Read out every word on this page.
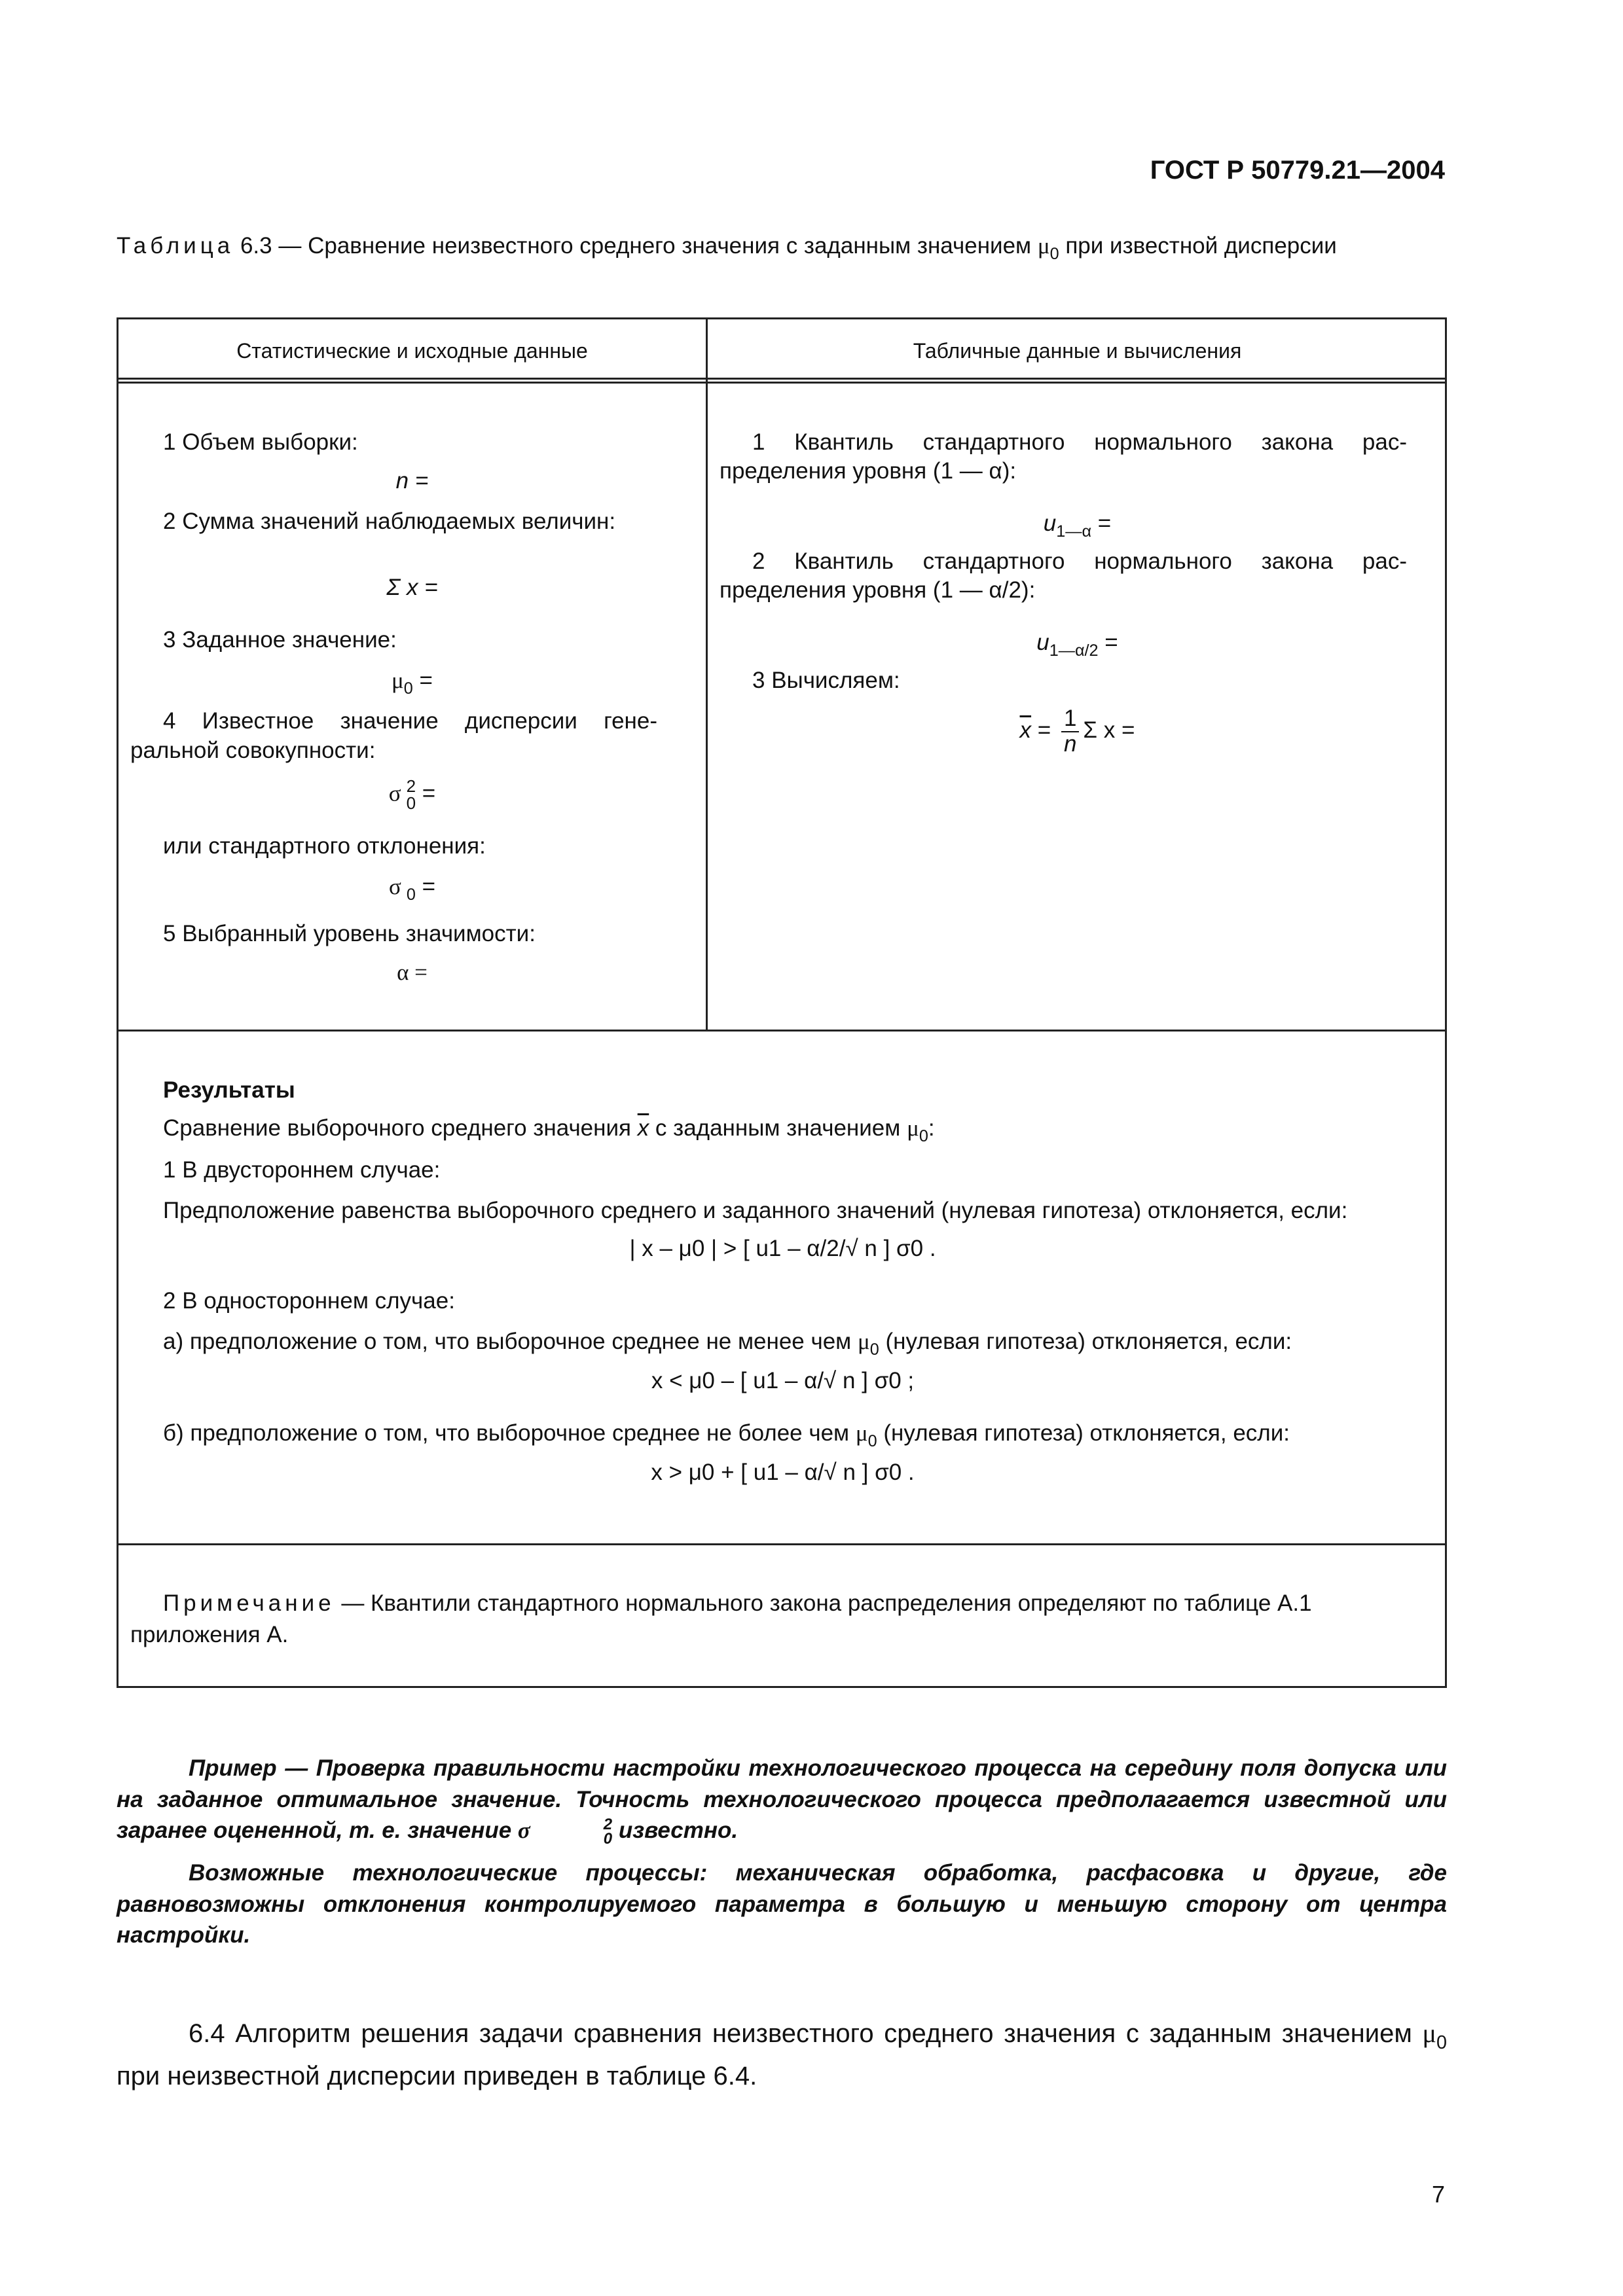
ГОСТ Р 50779.21—2004
Таблица 6.3 — Сравнение неизвестного среднего значения с заданным значением $\mu_0$ при известной дисперсии
Статистические и исходные данные	Табличные данные и вычисления
1 Объем выборки:
n =
2 Сумма значений наблюдаемых величин:
Σ x =
3 Заданное значение:
$\mu_0$ =
4 Известное значение дисперсии гене-
ральной совокупности:
σ 2
0 =
или стандартного отклонения:
σ $_0$ =
5 Выбранный уровень значимости:
α =
1 Квантиль стандартного нормального закона рас-
пределения уровня (1 — α):
$u_{1—\alpha}$ =
2 Квантиль стандартного нормального закона рас-
пределения уровня (1 — α/2):
$u_{1—\alpha/2}$ =
3 Вычисляем:
$\overline{x} = \frac{1}{n}$ Σ x =
Результаты
Сравнение выборочного среднего значения $\overline{x}$ с заданным значением $\mu_0$:
1 В двустороннем случае:
Предположение равенства выборочного среднего и заданного значений (нулевая гипотеза) отклоняется, если:
| x – μ0 | > [ u1 – α/2/√ n ] σ0 .
2 В одностороннем случае:
а) предположение о том, что выборочное среднее не менее чем $\mu_0$ (нулевая гипотеза) отклоняется, если:
x < μ0 – [ u1 – α/√ n ] σ0 ;
б) предположение о том, что выборочное среднее не более чем $\mu_0$ (нулевая гипотеза) отклоняется, если:
x > μ0 + [ u1 – α/√ n ] σ0 .
Примечание — Квантили стандартного нормального закона распределения определяют по таблице А.1 приложения А.
Пример — Проверка правильности настройки технологического процесса на середину поля допуска или на заданное оптимальное значение. Точность технологического процесса предполагается известной или заранее оцененной, т. е. значение σ	2
0 известно.
Возможные технологические процессы: механическая обработка, расфасовка и другие, где равновозможны отклонения контролируемого параметра в большую и меньшую сторону от центра настройки.
6.4 Алгоритм решения задачи сравнения неизвестного среднего значения с заданным значением $\mu_0$ при неизвестной дисперсии приведен в таблице 6.4.
7
